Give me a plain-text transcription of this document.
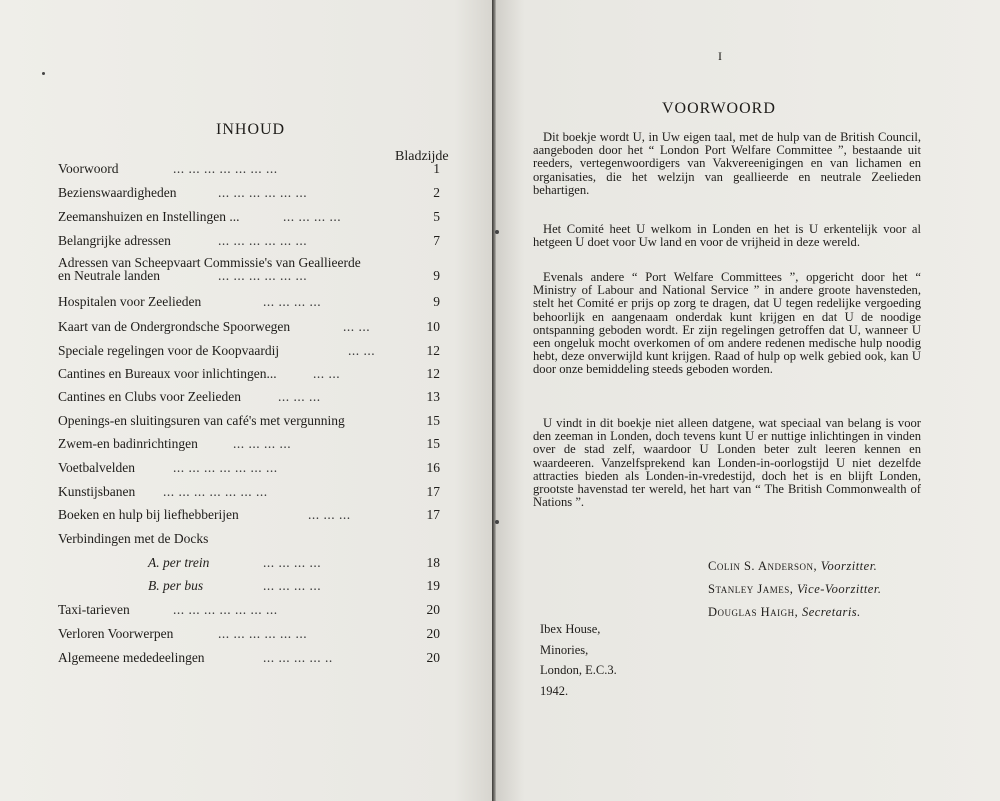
INHOUD
Bladzijde
Voorwoord	... ... ... ... ... ... ...	1
Bezienswaardigheden	... ... ... ... ... ...	2
Zeemanshuizen en Instellingen ...	... ... ... ...	5
Belangrijke adressen	... ... ... ... ... ...	7
Adressen van Scheepvaart Commissie's van Geallieerde
en Neutrale landen	... ... ... ... ... ...	9
Hospitalen voor Zeelieden	... ... ... ...	9
Kaart van de Ondergrondsche Spoorwegen	... ...	10
Speciale regelingen voor de Koopvaardij	... ...	12
Cantines en Bureaux voor inlichtingen...	... ...	12
Cantines en Clubs voor Zeelieden	... ... ...	13
Openings-en sluitingsuren van café's met vergunning	15
Zwem-en badinrichtingen	... ... ... ...	15
Voetbalvelden	... ... ... ... ... ... ...	16
Kunstijsbanen ... ... ... ... ... ... ...	17
Boeken en hulp bij liefhebberijen	... ... ...	17
Verbindingen met de Docks
A. per trein	... ... ... ...	18
B. per bus	... ... ... ...	19
Taxi-tarieven	... ... ... ... ... ... ...	20
Verloren Voorwerpen	... ... ... ... ... ...	20
Algemeene mededeelingen	... ... ... ... ..	20
I
VOORWOORD
Dit boekje wordt U, in Uw eigen taal, met de hulp van de British Council, aangeboden door het “ London Port Welfare Committee ”, bestaande uit reeders, vertegenwoordigers van Vakvereenigingen en van lichamen en organisaties, die het welzijn van geallieerde en neutrale Zeelieden behartigen.
Het Comité heet U welkom in Londen en het is U erkentelijk voor al hetgeen U doet voor Uw land en voor de vrijheid in deze wereld.
Evenals andere “ Port Welfare Committees ”, opgericht door het “ Ministry of Labour and National Service ” in andere groote havensteden, stelt het Comité er prijs op zorg te dragen, dat U tegen redelijke vergoeding behoorlijk en aangenaam onderdak kunt krijgen en dat U de noodige ontspanning geboden wordt. Er zijn regelingen getroffen dat U, wanneer U een ongeluk mocht overkomen of om andere redenen medische hulp noodig hebt, deze onverwijld kunt krijgen. Raad of hulp op welk gebied ook, kan U door onze bemiddeling steeds geboden worden.
U vindt in dit boekje niet alleen datgene, wat speciaal van belang is voor den zeeman in Londen, doch tevens kunt U er nuttige inlichtingen in vinden over de stad zelf, waardoor U Londen beter zult leeren kennen en waardeeren. Vanzelfsprekend kan Londen-in-oorlogstijd U niet dezelfde attracties bieden als Londen-in-vredestijd, doch het is en blijft Londen, grootste havenstad ter wereld, het hart van “ The British Commonwealth of Nations ”.
Colin S. Anderson, Voorzitter.
Stanley James, Vice-Voorzitter.
Douglas Haigh, Secretaris.
Ibex House,
Minories,
London, E.C.3.
1942.
